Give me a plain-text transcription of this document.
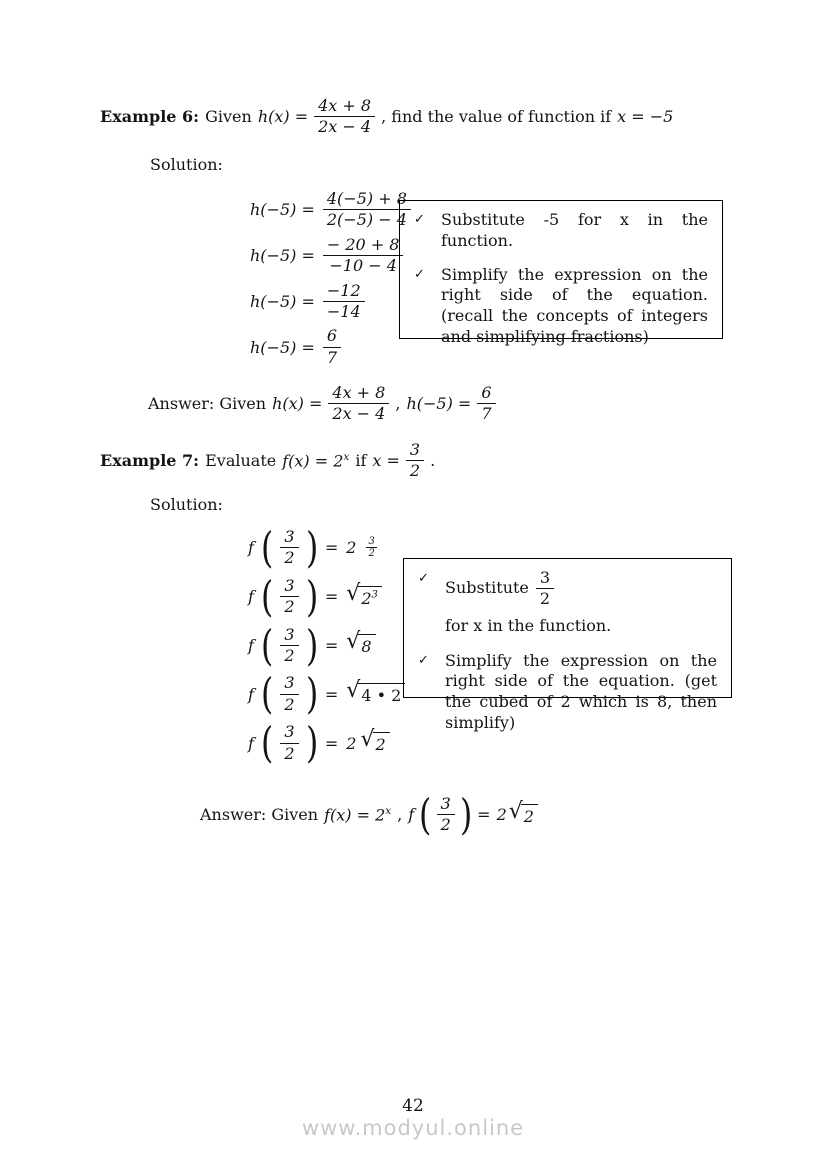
Example 6: Given $h(x) = \frac{4x + 8}{2x - 4}$ , find the value of function if x = −5
Solution:
$h(-5) = \frac{4(-5) + 8}{2(-5) - 4}$
$h(-5) = \frac{- 20 + 8}{-10 - 4}$
$h(-5) = \frac{-12}{-14}$
$h(-5) = \frac{6}{7}$
✓	Substitute -5 for x in the function.
✓	Simplify the expression on the right side of the equation. (recall the concepts of integers and simplifying fractions)
Answer: Given $h(x) = \frac{4x + 8}{2x - 4}$ , $h(-5) = \frac{6}{7}$
Example 7: Evaluate $f(x) = 2^x$ if $x = \frac{3}{2}$ .
Solution:
f ( $\frac{3}{2}$ ) = $2 \frac{3}{2}$
f ( $\frac{3}{2}$ ) = √ $2^3$
f ( $\frac{3}{2}$ ) = √ 8
f ( $\frac{3}{2}$ ) = √ 4 • 2
f ( $\frac{3}{2}$ ) = 2 √ 2
✓	Substitute $\frac{3}{2}$
for x in the function.
✓	Simplify the expression on the right side of the equation. (get the cubed of 2 which is 8, then simplify)
Answer: Given $f(x) = 2^x$ , f ( $\frac{3}{2}$ ) = 2 √ 2
42
www.modyul.online
